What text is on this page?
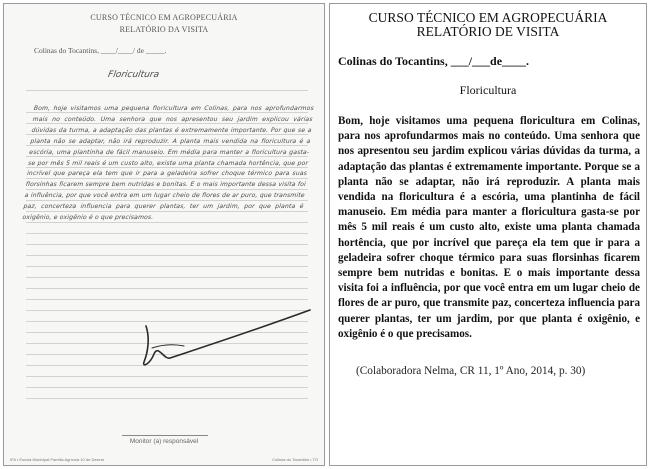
CURSO TÉCNICO EM AGROPECUÁRIA
RELATÓRIO DA VISITA
Colinas do Tocantins, ____/____/ de _____.
Floricultura
Bom, hoje visitamos uma pequena floricultura em Colinas, para nos aprofundarmos mais no conteúdo. Uma senhora que nos apresentou seu jardim explicou várias dúvidas da turma, a adaptação das plantas é extremamente importante. Por que se a planta não se adaptar, não irá reproduzir. A planta mais vendida na floricultura é a escória, uma plantinha de fácil manuseio. Em média para manter a floricultura gasta-se por mês 5 mil reais é um custo alto, existe uma planta chamada hortência, que por incrível que pareça ela tem que ir para a geladeira sofrer choque térmico para suas florsinhas ficarem sempre bem nutridas e bonitas. E o mais importante dessa visita foi a influência, por que você entra em um lugar cheio de flores de ar puro, que transmite paz, concerteza influencia para querer plantas, ter um jardim, por que planta é oxigênio, e oxigênio é o que precisamos.
Monitor (a) responsável
IFA • Escola Municipal Família Agrícola 10 de Dezem	Colinas do Tocantins • TO
CURSO TÉCNICO EM AGROPECUÁRIA
RELATÓRIO DE VISITA
Colinas do Tocantins, ___/___de____.
Floricultura
Bom, hoje visitamos uma pequena floricultura em Colinas, para nos aprofundarmos mais no conteúdo. Uma senhora que nos apresentou seu jardim explicou várias dúvidas da turma, a adaptação das plantas é extremamente importante. Porque se a planta não se adaptar, não irá reproduzir. A planta mais vendida na floricultura é a escória, uma plantinha de fácil manuseio. Em média para manter a floricultura gasta-se por mês 5 mil reais é um custo alto, existe uma planta chamada hortência, que por incrível que pareça ela tem que ir para a geladeira sofrer choque térmico para suas florsinhas ficarem sempre bem nutridas e bonitas. E o mais importante dessa visita foi a influência, por que você entra em um lugar cheio de flores de ar puro, que transmite paz, concerteza influencia para querer plantas, ter um jardim, por que planta é oxigênio, e oxigênio é o que precisamos.
(Colaboradora Nelma, CR 11, 1º Ano, 2014, p. 30)
